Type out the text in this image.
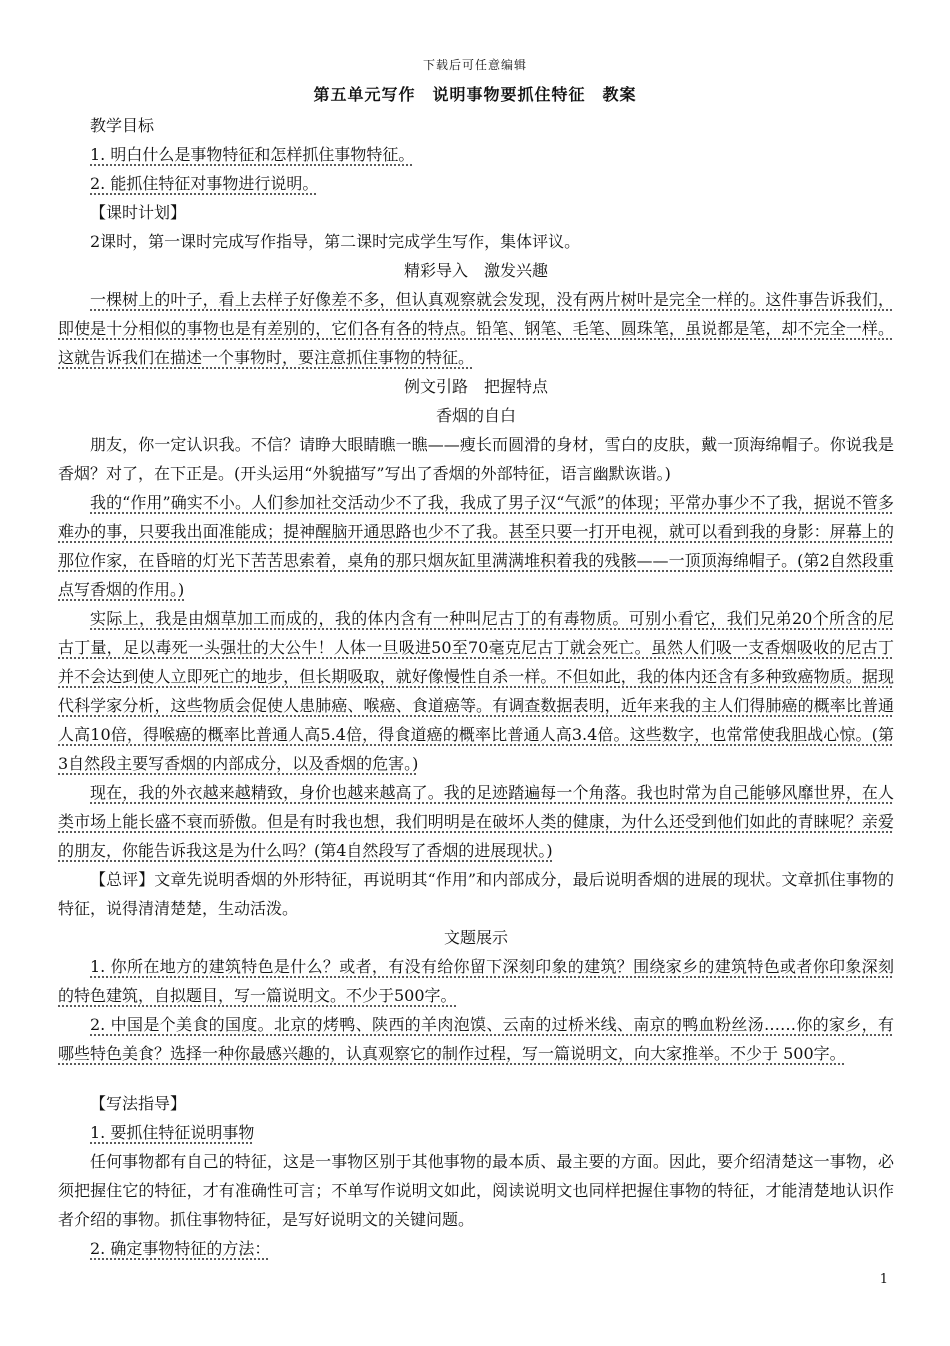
下载后可任意编辑
第五单元写作　说明事物要抓住特征　教案

教学目标

1. 明白什么是事物特征和怎样抓住事物特征。

2. 能抓住特征对事物进行说明。

【课时计划】

2课时，第一课时完成写作指导，第二课时完成学生写作，集体评议。

精彩导入　激发兴趣

一棵树上的叶子，看上去样子好像差不多，但认真观察就会发现，没有两片树叶是完全一样的。这件事告诉我们，即使是十分相似的事物也是有差别的，它们各有各的特点。铅笔、钢笔、毛笔、圆珠笔，虽说都是笔，却不完全一样。这就告诉我们在描述一个事物时，要注意抓住事物的特征。

例文引路　把握特点

香烟的自白

朋友，你一定认识我。不信？请睁大眼睛瞧一瞧——瘦长而圆滑的身材，雪白的皮肤，戴一顶海绵帽子。你说我是香烟？对了，在下正是。(开头运用“外貌描写”写出了香烟的外部特征，语言幽默诙谐。)

我的“作用”确实不小。人们参加社交活动少不了我，我成了男子汉“气派”的体现；平常办事少不了我，据说不管多难办的事，只要我出面准能成；提神醒脑开通思路也少不了我。甚至只要一打开电视，就可以看到我的身影：屏幕上的那位作家，在昏暗的灯光下苦苦思索着，桌角的那只烟灰缸里满满堆积着我的残骸——一顶顶海绵帽子。(第2自然段重点写香烟的作用。)

实际上，我是由烟草加工而成的，我的体内含有一种叫尼古丁的有毒物质。可别小看它，我们兄弟20个所含的尼古丁量，足以毒死一头强壮的大公牛！人体一旦吸进50至70毫克尼古丁就会死亡。虽然人们吸一支香烟吸收的尼古丁并不会达到使人立即死亡的地步，但长期吸取，就好像慢性自杀一样。不但如此，我的体内还含有多种致癌物质。据现代科学家分析，这些物质会促使人患肺癌、喉癌、食道癌等。有调查数据表明，近年来我的主人们得肺癌的概率比普通人高10倍，得喉癌的概率比普通人高5.4倍，得食道癌的概率比普通人高3.4倍。这些数字，也常常使我胆战心惊。(第3自然段主要写香烟的内部成分，以及香烟的危害。)

现在，我的外衣越来越精致，身价也越来越高了。我的足迹踏遍每一个角落。我也时常为自己能够风靡世界，在人类市场上能长盛不衰而骄傲。但是有时我也想，我们明明是在破坏人类的健康，为什么还受到他们如此的青睐呢？亲爱的朋友，你能告诉我这是为什么吗？(第4自然段写了香烟的进展现状。)

【总评】文章先说明香烟的外形特征，再说明其“作用”和内部成分，最后说明香烟的进展的现状。文章抓住事物的特征，说得清清楚楚，生动活泼。

文题展示

1. 你所在地方的建筑特色是什么？或者，有没有给你留下深刻印象的建筑？围绕家乡的建筑特色或者你印象深刻的特色建筑，自拟题目，写一篇说明文。不少于500字。

2. 中国是个美食的国度。北京的烤鸭、陕西的羊肉泡馍、云南的过桥米线、南京的鸭血粉丝汤……你的家乡，有哪些特色美食？选择一种你最感兴趣的，认真观察它的制作过程，写一篇说明文，向大家推举。不少于 500字。

【写法指导】

1. 要抓住特征说明事物

任何事物都有自己的特征，这是一事物区别于其他事物的最本质、最主要的方面。因此，要介绍清楚这一事物，必须把握住它的特征，才有准确性可言；不单写作说明文如此，阅读说明文也同样把握住事物的特征，才能清楚地认识作者介绍的事物。抓住事物特征，是写好说明文的关键问题。

2. 确定事物特征的方法：

1
